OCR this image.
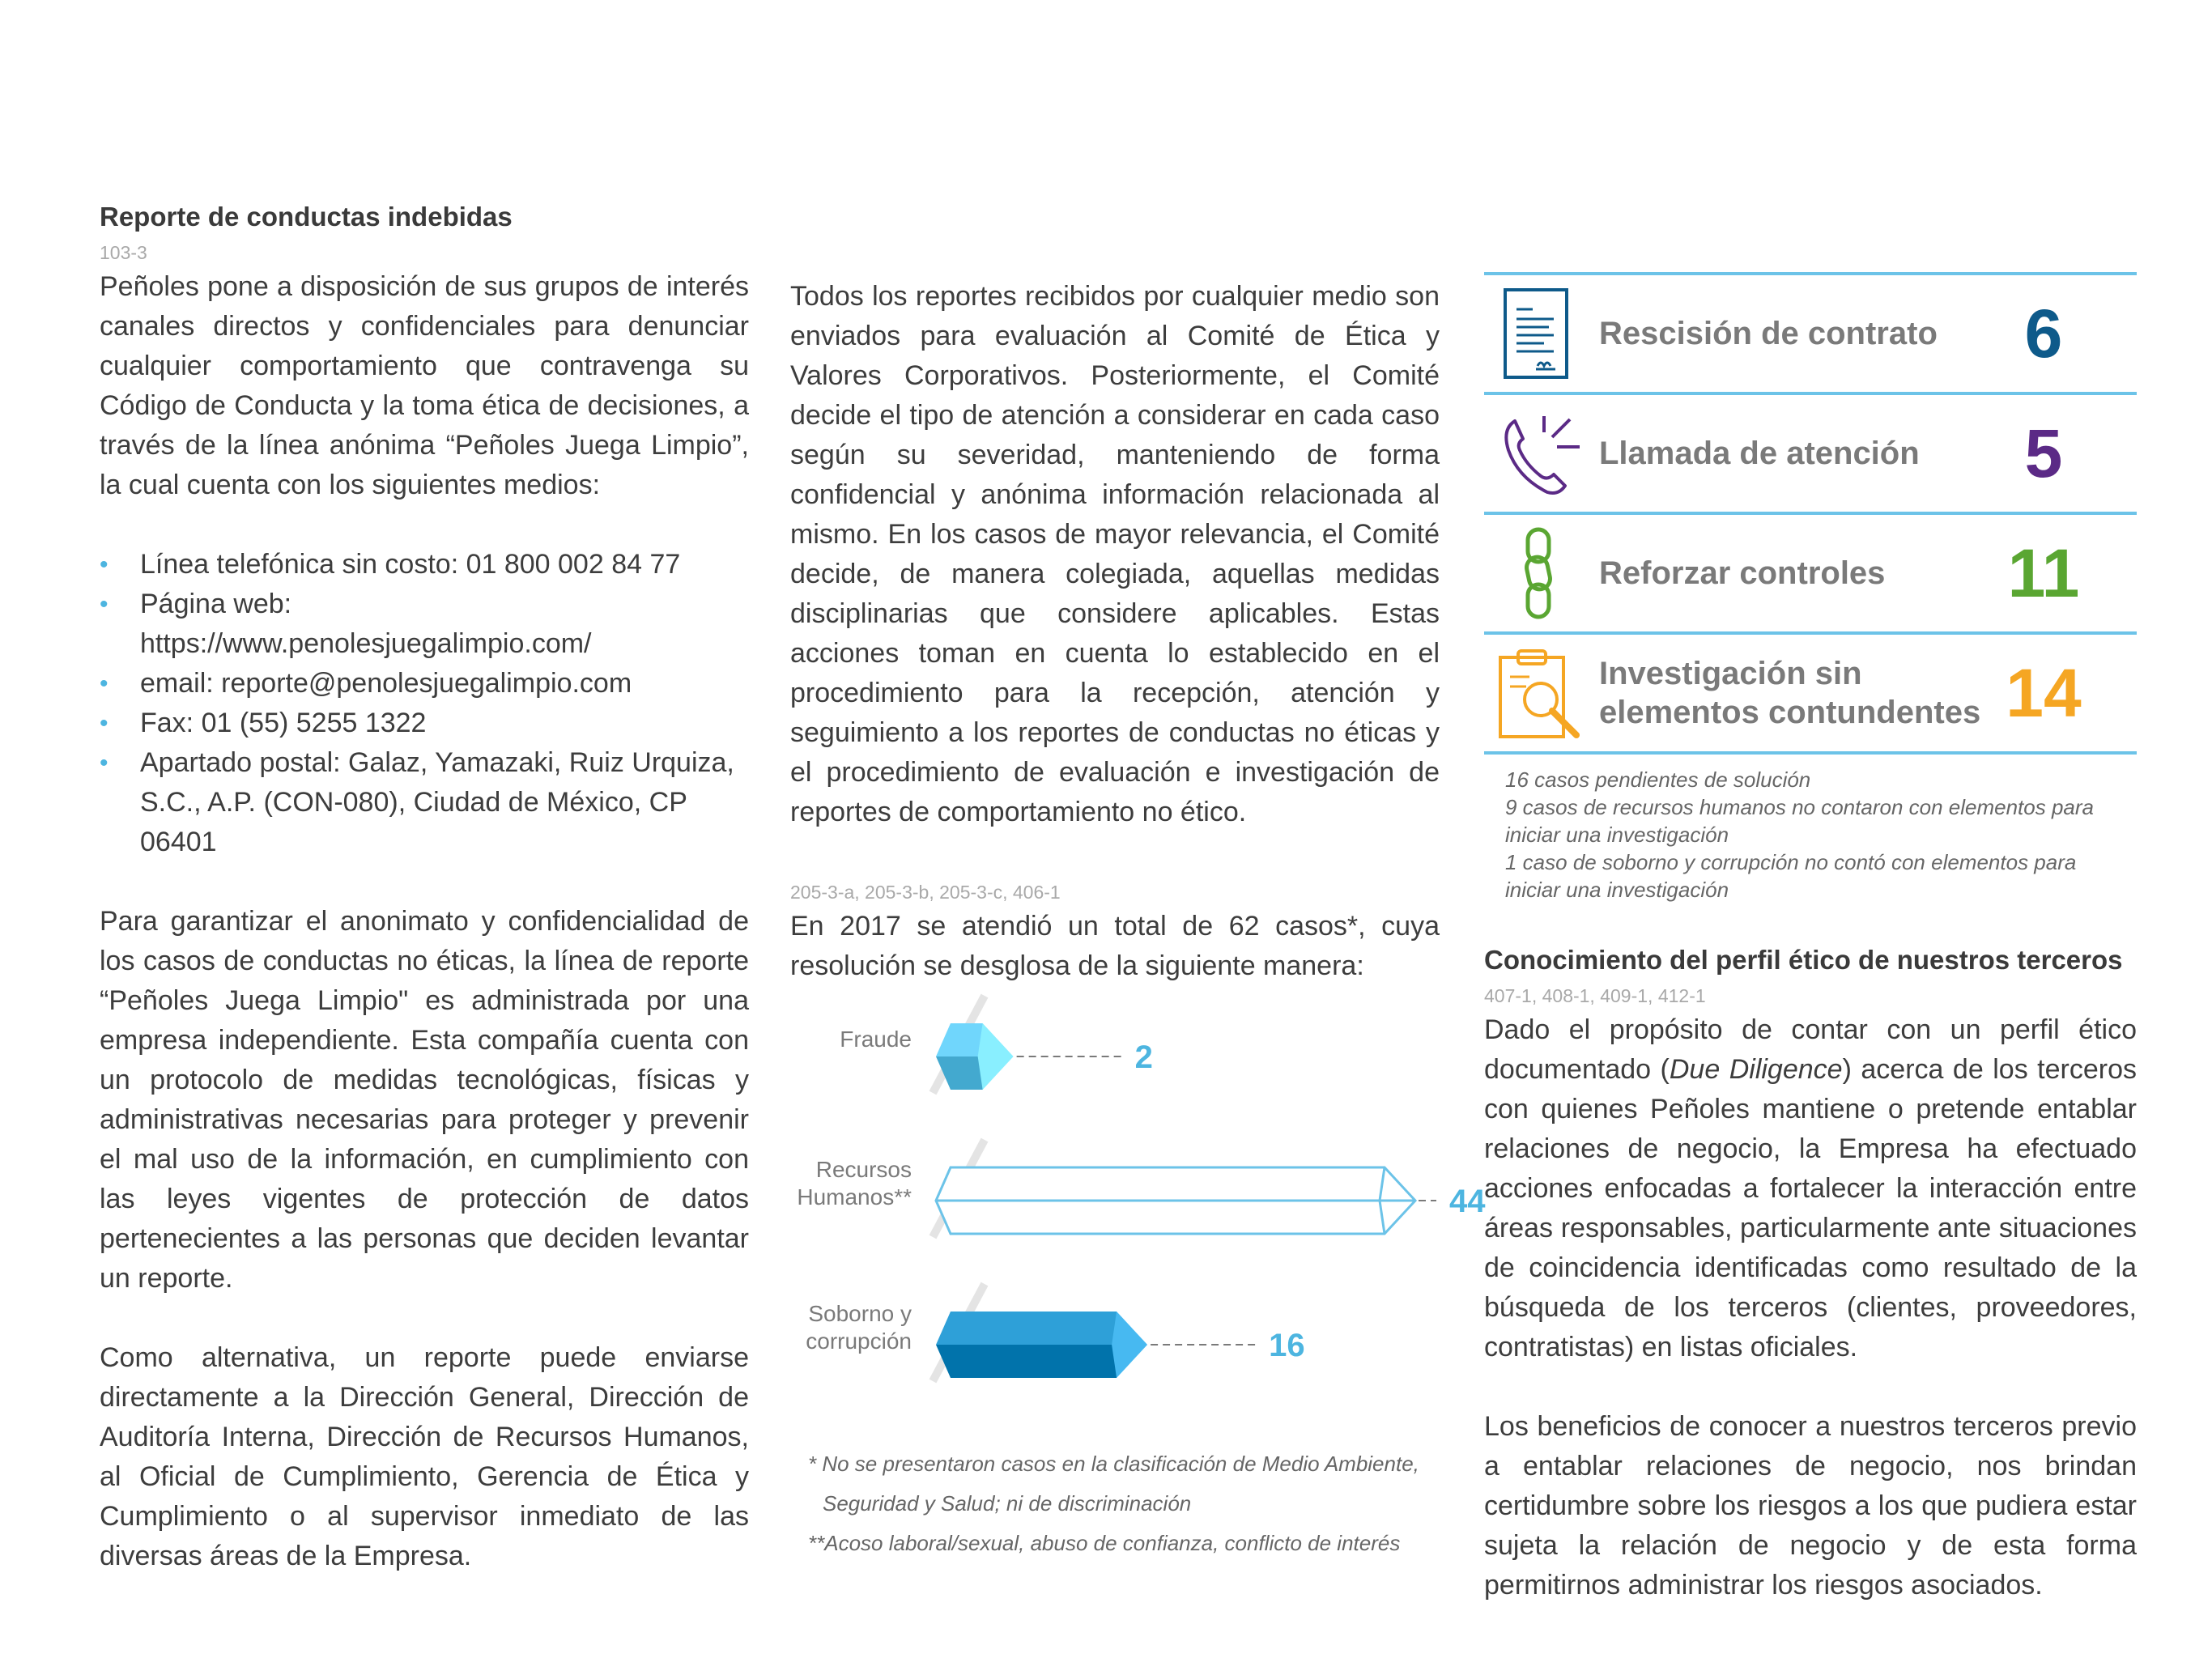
Reporte de conductas indebidas
103-3

Peñoles pone a disposición de sus grupos de interés canales directos y confidenciales para denunciar cualquier comportamiento que contravenga su Código de Conducta y la toma ética de decisiones, a través de la línea anónima “Peñoles Juega Limpio”, la cual cuenta con los siguientes medios:

• Línea telefónica sin costo: 01 800 002 84 77
• Página web: https://www.penolesjuegalimpio.com/
• email: reporte@penolesjuegalimpio.com
• Fax: 01 (55) 5255 1322
• Apartado postal: Galaz, Yamazaki, Ruiz Urquiza, S.C., A.P. (CON-080), Ciudad de México, CP 06401

Para garantizar el anonimato y confidencialidad de los casos de conductas no éticas, la línea de reporte “Peñoles Juega Limpio" es administrada por una empresa independiente. Esta compañía cuenta con un protocolo de medidas tecnológicas, físicas y administrativas necesarias para proteger y prevenir el mal uso de la información, en cumplimiento con las leyes vigentes de protección de datos pertenecientes a las personas que deciden levantar un reporte.

Como alternativa, un reporte puede enviarse directamente a la Dirección General, Dirección de Auditoría Interna, Dirección de Recursos Humanos, al Oficial de Cumplimiento, Gerencia de Ética y Cumplimiento o al supervisor inmediato de las diversas áreas de la Empresa.

Todos los reportes recibidos por cualquier medio son enviados para evaluación al Comité de Ética y Valores Corporativos. Posteriormente, el Comité decide el tipo de atención a considerar en cada caso según su severidad, manteniendo de forma confidencial y anónima información relacionada al mismo. En los casos de mayor relevancia, el Comité decide, de manera colegiada, aquellas medidas disciplinarias que considere aplicables. Estas acciones toman en cuenta lo establecido en el procedimiento para la recepción, atención y seguimiento a los reportes de conductas no éticas y el procedimiento de evaluación e investigación de reportes de comportamiento no ético.

205-3-a, 205-3-b, 205-3-c, 406-1

En 2017 se atendió un total de 62 casos*, cuya resolución se desglosa de la siguiente manera:

2
Fraude
44
Recursos
Humanos**
16
Soborno y
corrupción
* No se presentaron casos en la clasificación de Medio Ambiente,
Seguridad y Salud; ni de discriminación
**Acoso laboral/sexual, abuso de confianza, conflicto de interés
Rescisión de contrato	6
Llamada de atención	5
Reforzar controles	11
Investigación sin elementos contundentes 14
16 casos pendientes de solución
9 casos de recursos humanos no contaron con elementos para iniciar una investigación
1 caso de soborno y corrupción no contó con elementos para iniciar una investigación
Conocimiento del perfil ético de nuestros terceros
407-1, 408-1, 409-1, 412-1

Dado el propósito de contar con un perfil ético documentado (Due Diligence) acerca de los terceros con quienes Peñoles mantiene o pretende entablar relaciones de negocio, la Empresa ha efectuado acciones enfocadas a fortalecer la interacción entre áreas responsables, particularmente ante situaciones de coincidencia identificadas como resultado de la búsqueda de los terceros (clientes, proveedores, contratistas) en listas oficiales.

Los beneficios de conocer a nuestros terceros previo a entablar relaciones de negocio, nos brindan certidumbre sobre los riesgos a los que pudiera estar sujeta la relación de negocio y de esta forma permitirnos administrar los riesgos asociados.
